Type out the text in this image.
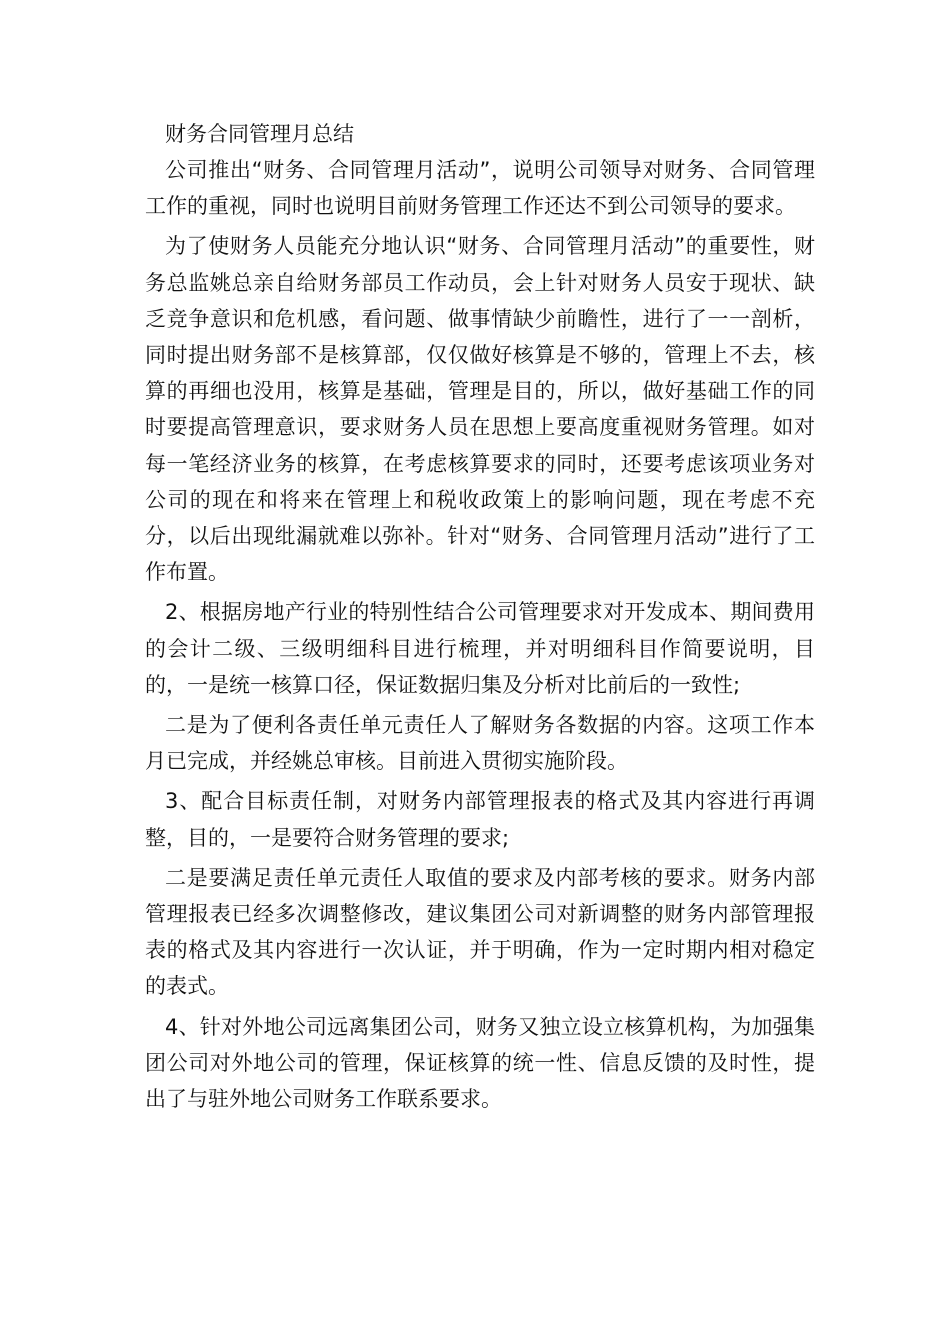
财务合同管理月总结

公司推出“财务、合同管理月活动”，说明公司领导对财务、合同管理工作的重视，同时也说明目前财务管理工作还达不到公司领导的要求。

为了使财务人员能充分地认识“财务、合同管理月活动”的重要性，财务总监姚总亲自给财务部员工作动员，会上针对财务人员安于现状、缺乏竞争意识和危机感，看问题、做事情缺少前瞻性，进行了一一剖析，同时提出财务部不是核算部，仅仅做好核算是不够的，管理上不去，核算的再细也没用，核算是基础，管理是目的，所以，做好基础工作的同时要提高管理意识，要求财务人员在思想上要高度重视财务管理。如对每一笔经济业务的核算，在考虑核算要求的同时，还要考虑该项业务对公司的现在和将来在管理上和税收政策上的影响问题，现在考虑不充分，以后出现纰漏就难以弥补。针对“财务、合同管理月活动”进行了工作布置。

2、根据房地产行业的特别性结合公司管理要求对开发成本、期间费用的会计二级、三级明细科目进行梳理，并对明细科目作简要说明，目的，一是统一核算口径，保证数据归集及分析对比前后的一致性;

二是为了便利各责任单元责任人了解财务各数据的内容。这项工作本月已完成，并经姚总审核。目前进入贯彻实施阶段。

3、配合目标责任制，对财务内部管理报表的格式及其内容进行再调整，目的，一是要符合财务管理的要求;

二是要满足责任单元责任人取值的要求及内部考核的要求。财务内部管理报表已经多次调整修改，建议集团公司对新调整的财务内部管理报表的格式及其内容进行一次认证，并于明确，作为一定时期内相对稳定的表式。

4、针对外地公司远离集团公司，财务又独立设立核算机构，为加强集团公司对外地公司的管理，保证核算的统一性、信息反馈的及时性，提出了与驻外地公司财务工作联系要求。
